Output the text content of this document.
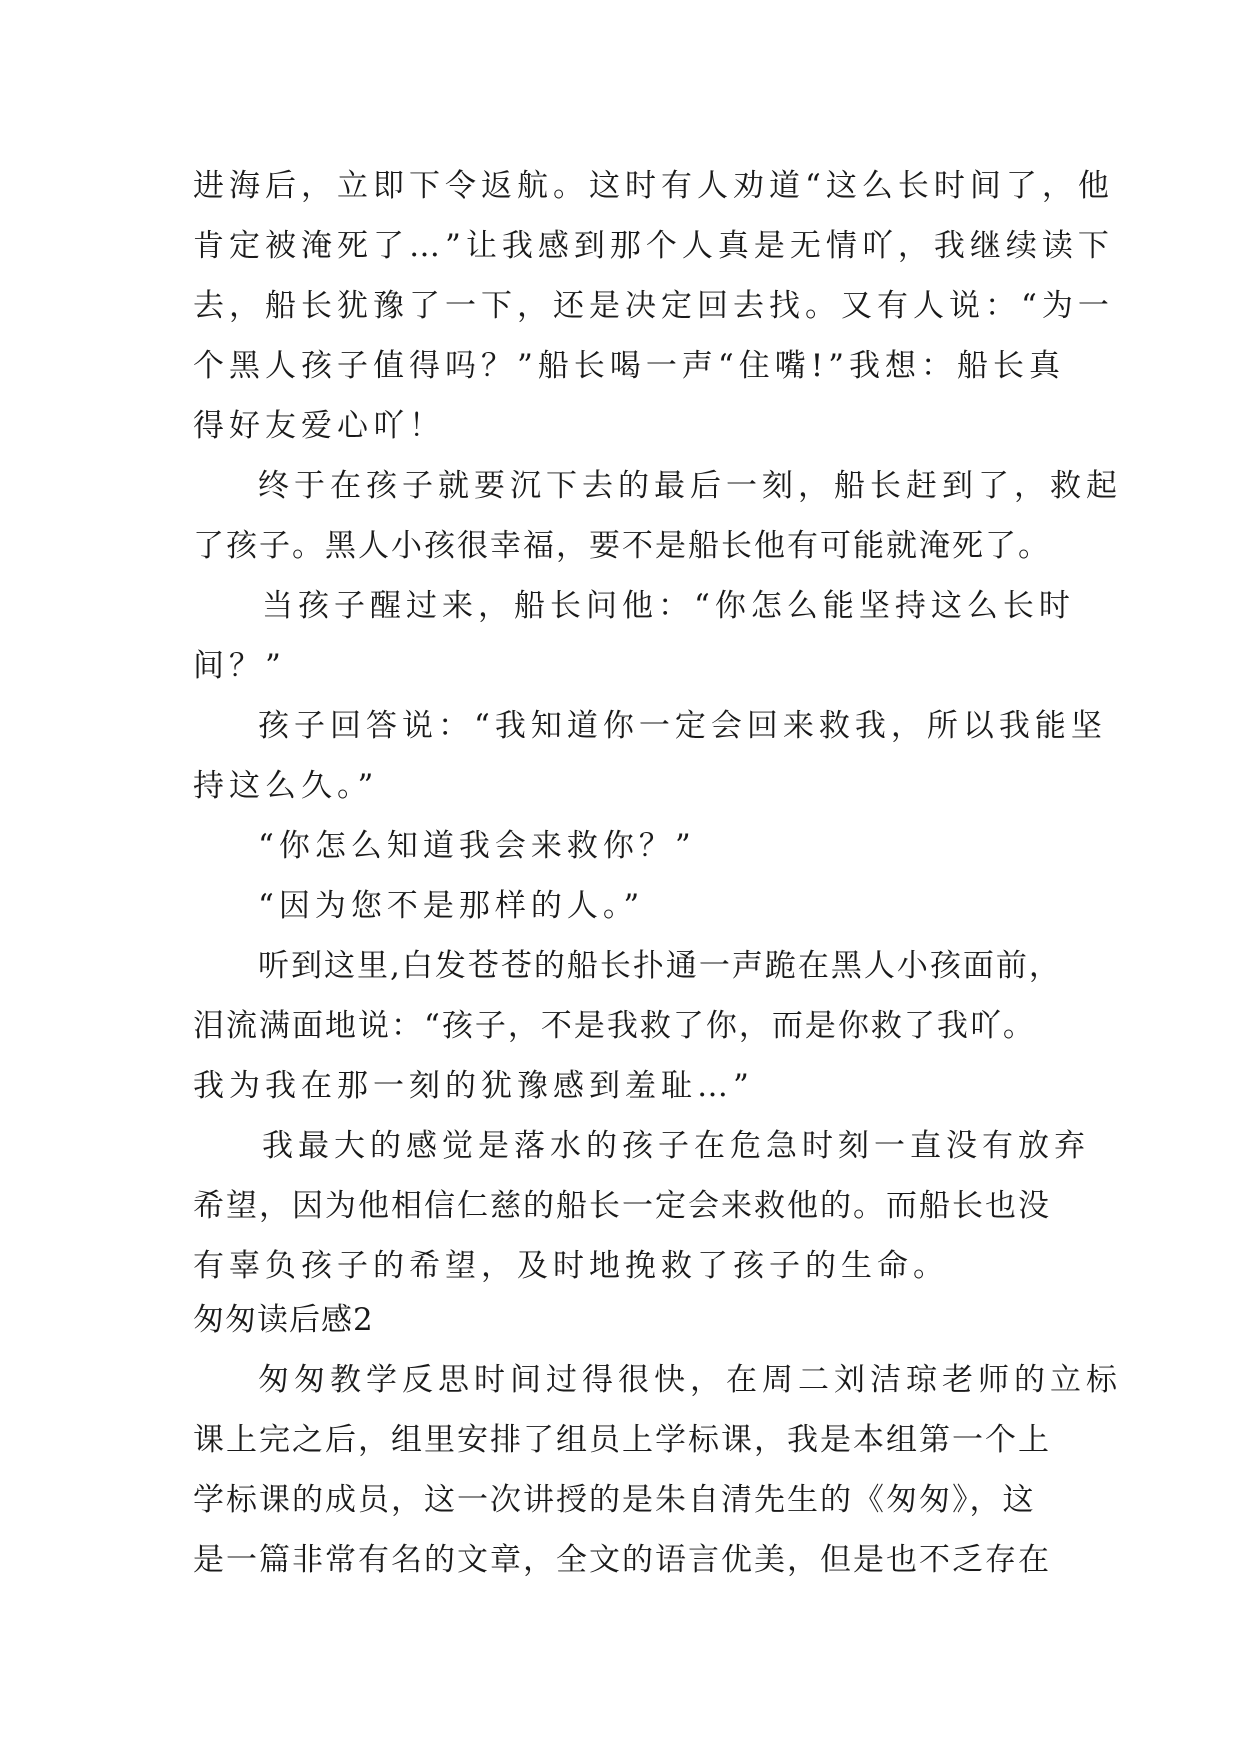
进海后，立即下令返航。这时有人劝道“这么长时间了，他
肯定被淹死了…”让我感到那个人真是无情吖，我继续读下
去，船长犹豫了一下，还是决定回去找。又有人说：“为一
个黑人孩子值得吗？”船长喝一声“住嘴!”我想：船长真
得好友爱心吖！
终于在孩子就要沉下去的最后一刻，船长赶到了，救起
了孩子。黑人小孩很幸福，要不是船长他有可能就淹死了。
当孩子醒过来，船长问他：“你怎么能坚持这么长时
间？”
孩子回答说：“我知道你一定会回来救我，所以我能坚
持这么久。”
“你怎么知道我会来救你？”
“因为您不是那样的人。”
听到这里,白发苍苍的船长扑通一声跪在黑人小孩面前，
泪流满面地说：“孩子，不是我救了你，而是你救了我吖。
我为我在那一刻的犹豫感到羞耻…”
我最大的感觉是落水的孩子在危急时刻一直没有放弃
希望，因为他相信仁慈的船长一定会来救他的。而船长也没
有辜负孩子的希望，及时地挽救了孩子的生命。
匆匆读后感2
匆匆教学反思时间过得很快，在周二刘洁琼老师的立标
课上完之后，组里安排了组员上学标课，我是本组第一个上
学标课的成员，这一次讲授的是朱自清先生的《匆匆》，这
是一篇非常有名的文章，全文的语言优美，但是也不乏存在
